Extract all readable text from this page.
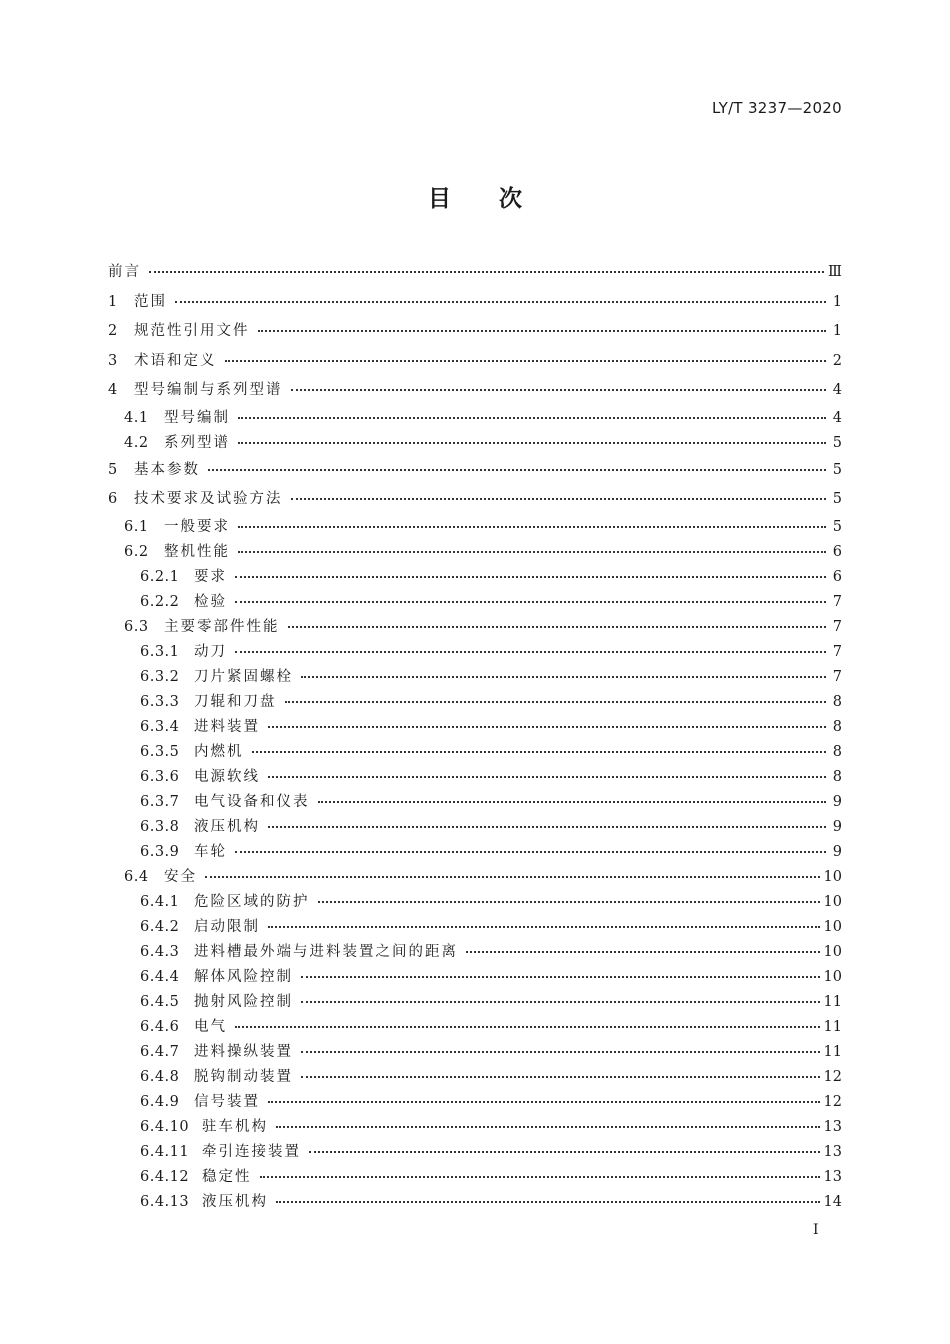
LY/T 3237—2020
目次
前言	Ⅲ
1	范围	1
2	规范性引用文件	1
3	术语和定义	2
4	型号编制与系列型谱	4
4.1	型号编制	4
4.2	系列型谱	5
5	基本参数	5
6	技术要求及试验方法	5
6.1	一般要求	5
6.2	整机性能	6
6.2.1	要求	6
6.2.2	检验	7
6.3	主要零部件性能	7
6.3.1	动刀	7
6.3.2	刀片紧固螺栓	7
6.3.3	刀辊和刀盘	8
6.3.4	进料装置	8
6.3.5	内燃机	8
6.3.6	电源软线	8
6.3.7	电气设备和仪表	9
6.3.8	液压机构	9
6.3.9	车轮	9
6.4	安全	10
6.4.1	危险区域的防护	10
6.4.2	启动限制	10
6.4.3	进料槽最外端与进料装置之间的距离	10
6.4.4	解体风险控制	10
6.4.5	抛射风险控制	11
6.4.6	电气	11
6.4.7	进料操纵装置	11
6.4.8	脱钩制动装置	12
6.4.9	信号装置	12
6.4.10 驻车机构	13
6.4.11 牵引连接装置	13
6.4.12 稳定性	13
6.4.13 液压机构	14
I
